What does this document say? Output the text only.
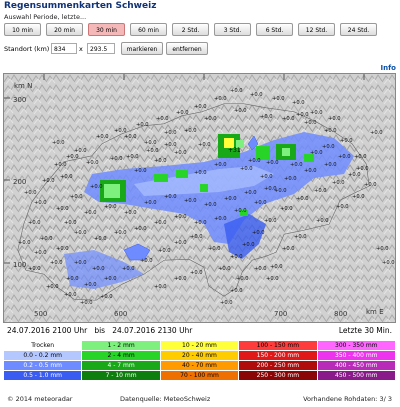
Regensummenkarten Schweiz
Auswahl Periode, letzte...
10 min	20 min	30 min	60 min	2 Std.	3 Std.	6 Std.	12 Std.	24 Std.
Standort (km) 834	x	293.5	markieren	entfernen
Info
+0.0
+0.0
+0.0
+0.0
+0.0
+0.0
+0.0
+0.0
+0.0
+0.0
+0.0
+0.0
+0.0
+0.0
+0.0
+0.0
+0.0
+0.0
+0.0
+0.0
+0.0
+0.0
+0.0
+0.0 +0.0
+0.0
+0.0
+0.0 +0.0
+0.0
+0.0
+0.0
+0.0
+0.0
+0.0
+0.0
+0.0
+0.0
+0.0
+0.0
+0.0
+0.0
+0.0
+0.0
+0.0
+0.0
+0.0
+0.0
+0.0
+0.0
+0.0
+0.0
+0.0
+0.0
+0.0
+0.0
+0.0
+0.0
+0.0
+0.0
+0.0
+0.0
+0.0
+0.0
+0.0
+0.0
+0.0
+0.0
+0.0
+0.0
+0.0
+0.0
+0.0
+0.0
+0.0
+0.0
+0.0
+0.0
+0.0
+0.0
+0.0
+0.0
+0.0
+0.0
+0.0
+0.0
+0.0
+0.0
+0.0
+0.0
+0.0
+0.0 +0.0 +0.0
+0.0
+0.0
+0.0
+0.0
+0.0
+0.0
+0.0
+0.0
+0.0
+0.0
+0.0
+0.0
+0.0
+0.0
+0.0
+0.0
+0.0
+0.0
+0.0 +0.0
+0.0
+0.0
+0.0
+0.0
+0.0
+0.0
+0.0
+0.0
+0.0
+0.0
+0.0
+0.0
+0.0
+0.0
+0.0
+0.0
+0.0
+0.0
km N
km E
300
200
100
500	600	700	800
+31
24.07.2016 2100 Uhr bis 24.07.2016 2130 Uhr	Letzte 30 Min.
Trocken	1 - 2 mm	10 - 20 mm	100 - 150 mm	300 - 350 mm
0.0 - 0.2 mm	2 - 4 mm	20 - 40 mm	150 - 200 mm	350 - 400 mm
0.2 - 0.5 mm	4 - 7 mm	40 - 70 mm	200 - 250 mm	400 - 450 mm
0.5 - 1.0 mm	7 - 10 mm	70 - 100 mm	250 - 300 mm	450 - 500 mm
© 2014 meteoradar	Datenquelle: MeteoSchweiz	Vorhandene Rohdaten: 3/ 3
